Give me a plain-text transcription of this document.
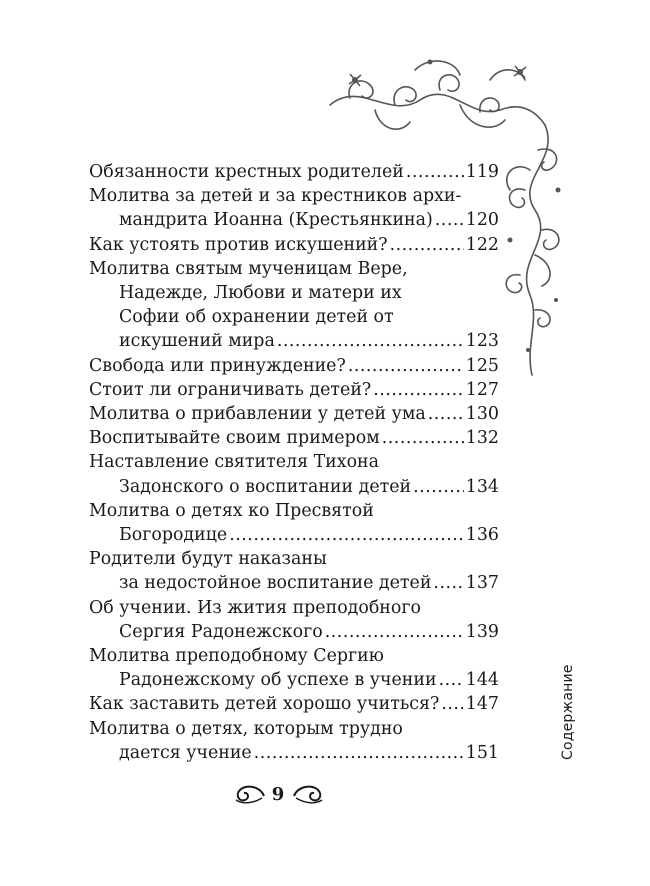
Обязанности крестных родителей .....	119
Молитва за детей и за крестников архи-
мандрита Иоанна (Крестьянкина) ..... 120
Как устоять против искушений? .....	122
Молитва святым мученицам Вере,
Надежде, Любови и матери их
Софии об охранении детей от
искушений мира .....	123
Свобода или принуждение? .....	125
Стоит ли ограничивать детей? .....	127
Молитва о прибавлении у детей ума ..... 130
Воспитывайте своим примером .....	132
Наставление святителя Тихона
Задонского о воспитании детей .....	134
Молитва о детях ко Пресвятой
Богородице .....	136
Родители будут наказаны
за недостойное воспитание детей ..... 137
Об учении. Из жития преподобного
Сергия Радонежского .....	139
Молитва преподобному Сергию
Радонежскому об успехе в учении ..... 144
Как заставить детей хорошо учиться? ..... 147
Молитва о детях, которым трудно
дается учение .....	151	Содержание
9
